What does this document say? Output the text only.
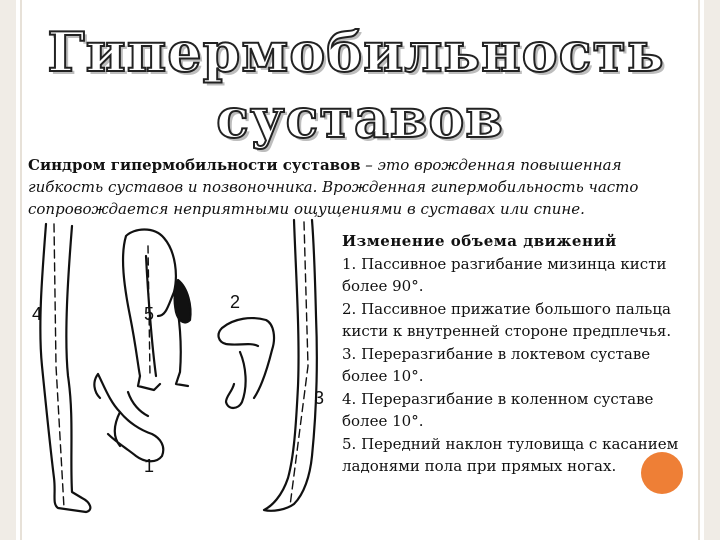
Гипермобильность
суставов
Синдром гипермобильности суставов – это врожденная повышенная гибкость суставов и позвоночника. Врожденная гипермобильность часто сопровождается неприятными ощущениями в суставах или спине.
4	5
2
3
1

Изменение объема движений

1. Пассивное разгибание мизинца кисти более 90°.

2. Пассивное прижатие большого пальца кисти к внутренней стороне предплечья.

3. Переразгибание в локтевом суставе более 10°.

4. Переразгибание в коленном суставе более 10°.

5. Передний наклон туловища с касанием ладонями пола при прямых ногах.
